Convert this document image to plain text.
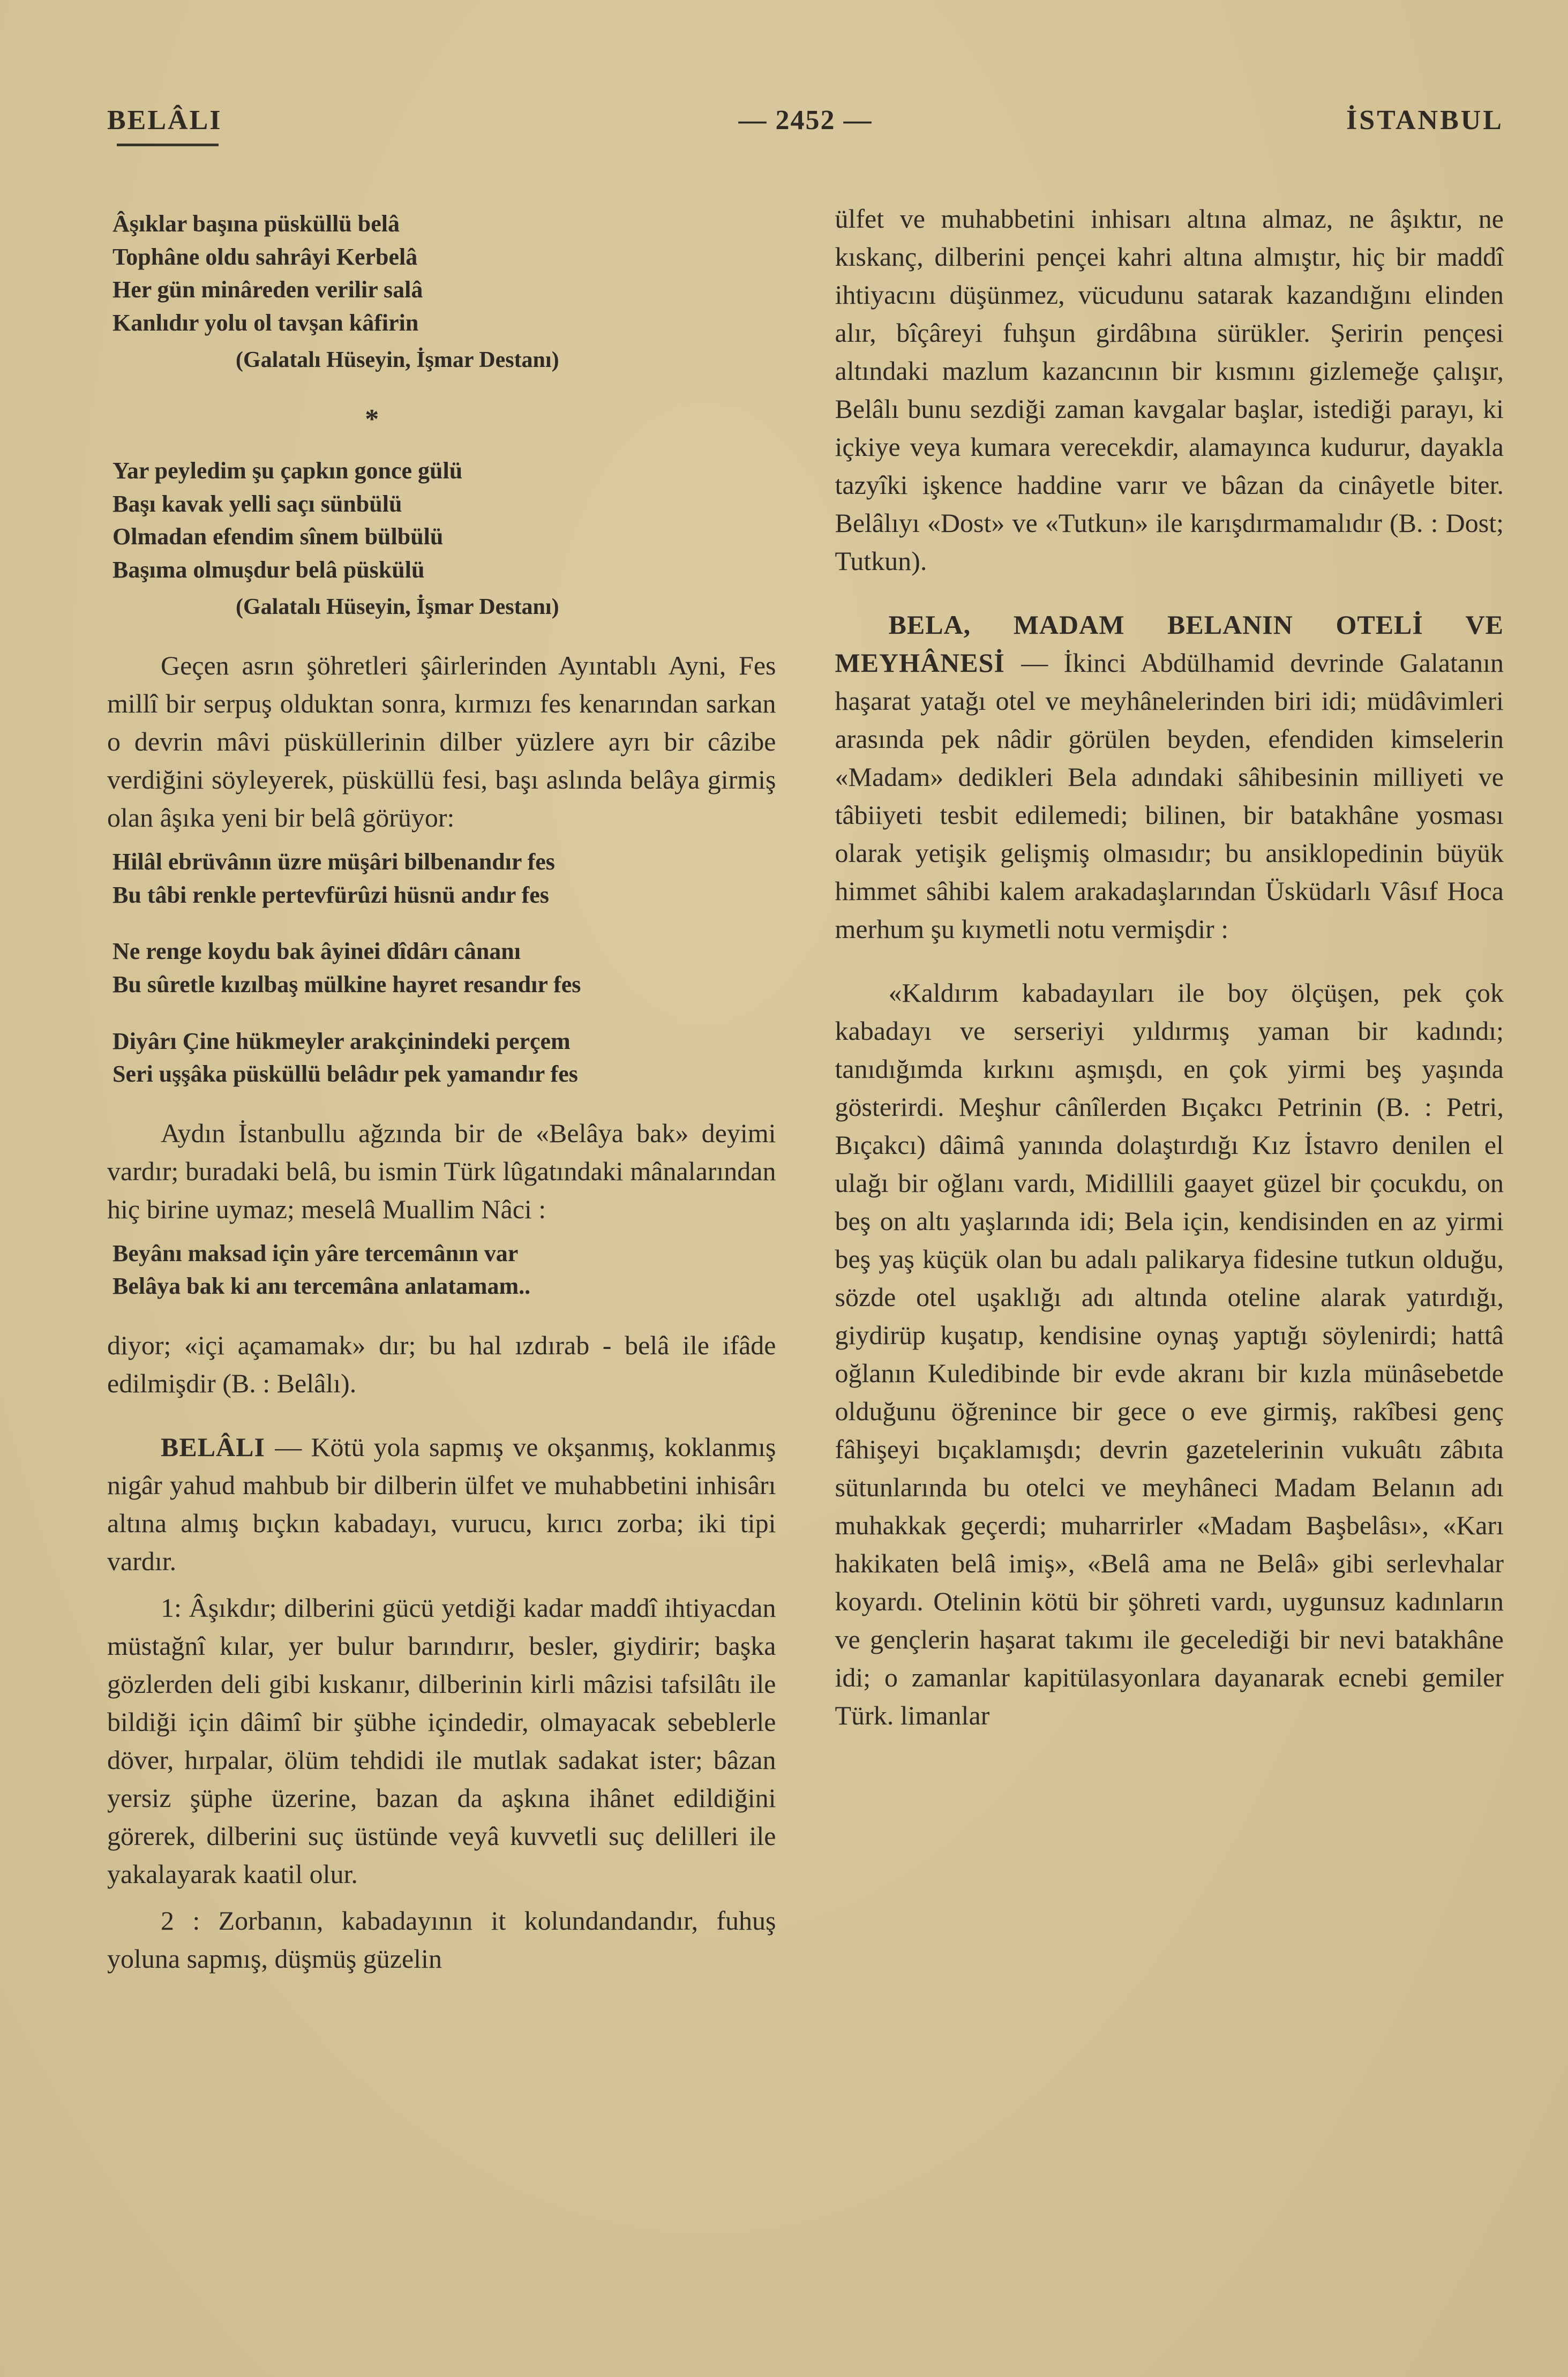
BELÂLI	— 2452 —	İSTANBUL
Âşıklar başına püsküllü belâ
Tophâne oldu sahrâyi Kerbelâ
Her gün minâreden verilir salâ
Kanlıdır yolu ol tavşan kâfirin
(Galatalı Hüseyin, İşmar Destanı)
*
Yar peyledim şu çapkın gonce gülü
Başı kavak yelli saçı sünbülü
Olmadan efendim sînem bülbülü
Başıma olmuşdur belâ püskülü
(Galatalı Hüseyin, İşmar Destanı)

Geçen asrın şöhretleri şâirlerinden Ayıntablı Ayni, Fes millî bir serpuş olduktan sonra, kırmızı fes kenarından sarkan o devrin mâvi püsküllerinin dilber yüzlere ayrı bir câzibe verdiğini söyleyerek, püsküllü fesi, başı aslında belâya girmiş olan âşıka yeni bir belâ görüyor:

Hilâl ebrüvânın üzre müşâri bilbenandır fes
Bu tâbi renkle pertevfürûzi hüsnü andır fes
Ne renge koydu bak âyinei dîdârı cânanı
Bu sûretle kızılbaş mülkine hayret resandır fes
Diyârı Çine hükmeyler arakçinindeki perçem
Seri uşşâka püsküllü belâdır pek yamandır fes

Aydın İstanbullu ağzında bir de «Belâya bak» deyimi vardır; buradaki belâ, bu ismin Türk lûgatındaki mânalarından hiç birine uymaz; meselâ Muallim Nâci :

Beyânı maksad için yâre tercemânın var
Belâya bak ki anı tercemâna anlatamam..

diyor; «içi açamamak» dır; bu hal ızdırab - belâ ile ifâde edilmişdir (B. : Belâlı).

BELÂLI — Kötü yola sapmış ve okşanmış, koklanmış nigâr yahud mahbub bir dilberin ülfet ve muhabbetini inhisârı altına almış bıçkın kabadayı, vurucu, kırıcı zorba; iki tipi vardır.

1: Âşıkdır; dilberini gücü yetdiği kadar maddî ihtiyacdan müstağnî kılar, yer bulur barındırır, besler, giydirir; başka gözlerden deli gibi kıskanır, dilberinin kirli mâzisi tafsilâtı ile bildiği için dâimî bir şübhe içindedir, olmayacak sebeblerle döver, hırpalar, ölüm tehdidi ile mutlak sadakat ister; bâzan yersiz şüphe üzerine, bazan da aşkına ihânet edildiğini görerek, dilberini suç üstünde veyâ kuvvetli suç delilleri ile yakalayarak kaatil olur.

2 : Zorbanın, kabadayının it kolundandandır, fuhuş yoluna sapmış, düşmüş güzelin

ülfet ve muhabbetini inhisarı altına almaz, ne âşıktır, ne kıskanç, dilberini pençei kahri altına almıştır, hiç bir maddî ihtiyacını düşünmez, vücudunu satarak kazandığını elinden alır, bîçâreyi fuhşun girdâbına sürükler. Şeririn pençesi altındaki mazlum kazancının bir kısmını gizlemeğe çalışır, Belâlı bunu sezdiği zaman kavgalar başlar, istediği parayı, ki içkiye veya kumara verecekdir, alamayınca kudurur, dayakla tazyîki işkence haddine varır ve bâzan da cinâyetle biter. Belâlıyı «Dost» ve «Tutkun» ile karışdırmamalıdır (B. : Dost; Tutkun).

BELA, MADAM BELANIN OTELİ VE MEYHÂNESİ — İkinci Abdülhamid devrinde Galatanın haşarat yatağı otel ve meyhânelerinden biri idi; müdâvimleri arasında pek nâdir görülen beyden, efendiden kimselerin «Madam» dedikleri Bela adındaki sâhibesinin milliyeti ve tâbiiyeti tesbit edilemedi; bilinen, bir batakhâne yosması olarak yetişik gelişmiş olmasıdır; bu ansiklopedinin büyük himmet sâhibi kalem arakadaşlarından Üsküdarlı Vâsıf Hoca merhum şu kıymetli notu vermişdir :

«Kaldırım kabadayıları ile boy ölçüşen, pek çok kabadayı ve serseriyi yıldırmış yaman bir kadındı; tanıdığımda kırkını aşmışdı, en çok yirmi beş yaşında gösterirdi. Meşhur cânîlerden Bıçakcı Petrinin (B. : Petri, Bıçakcı) dâimâ yanında dolaştırdığı Kız İstavro denilen el ulağı bir oğlanı vardı, Midillili gaayet güzel bir çocukdu, on beş on altı yaşlarında idi; Bela için, kendisinden en az yirmi beş yaş küçük olan bu adalı palikarya fidesine tutkun olduğu, sözde otel uşaklığı adı altında oteline alarak yatırdığı, giydirüp kuşatıp, kendisine oynaş yaptığı söylenirdi; hattâ oğlanın Kuledibinde bir evde akranı bir kızla münâsebetde olduğunu öğrenince bir gece o eve girmiş, rakîbesi genç fâhişeyi bıçaklamışdı; devrin gazetelerinin vukuâtı zâbıta sütunlarında bu otelci ve meyhâneci Madam Belanın adı muhakkak geçerdi; muharrirler «Madam Başbelâsı», «Karı hakikaten belâ imiş», «Belâ ama ne Belâ» gibi serlevhalar koyardı. Otelinin kötü bir şöhreti vardı, uygunsuz kadınların ve gençlerin haşarat takımı ile gecelediği bir nevi batakhâne idi; o zamanlar kapitülasyonlara dayanarak ecnebi gemiler Türk. limanlar
